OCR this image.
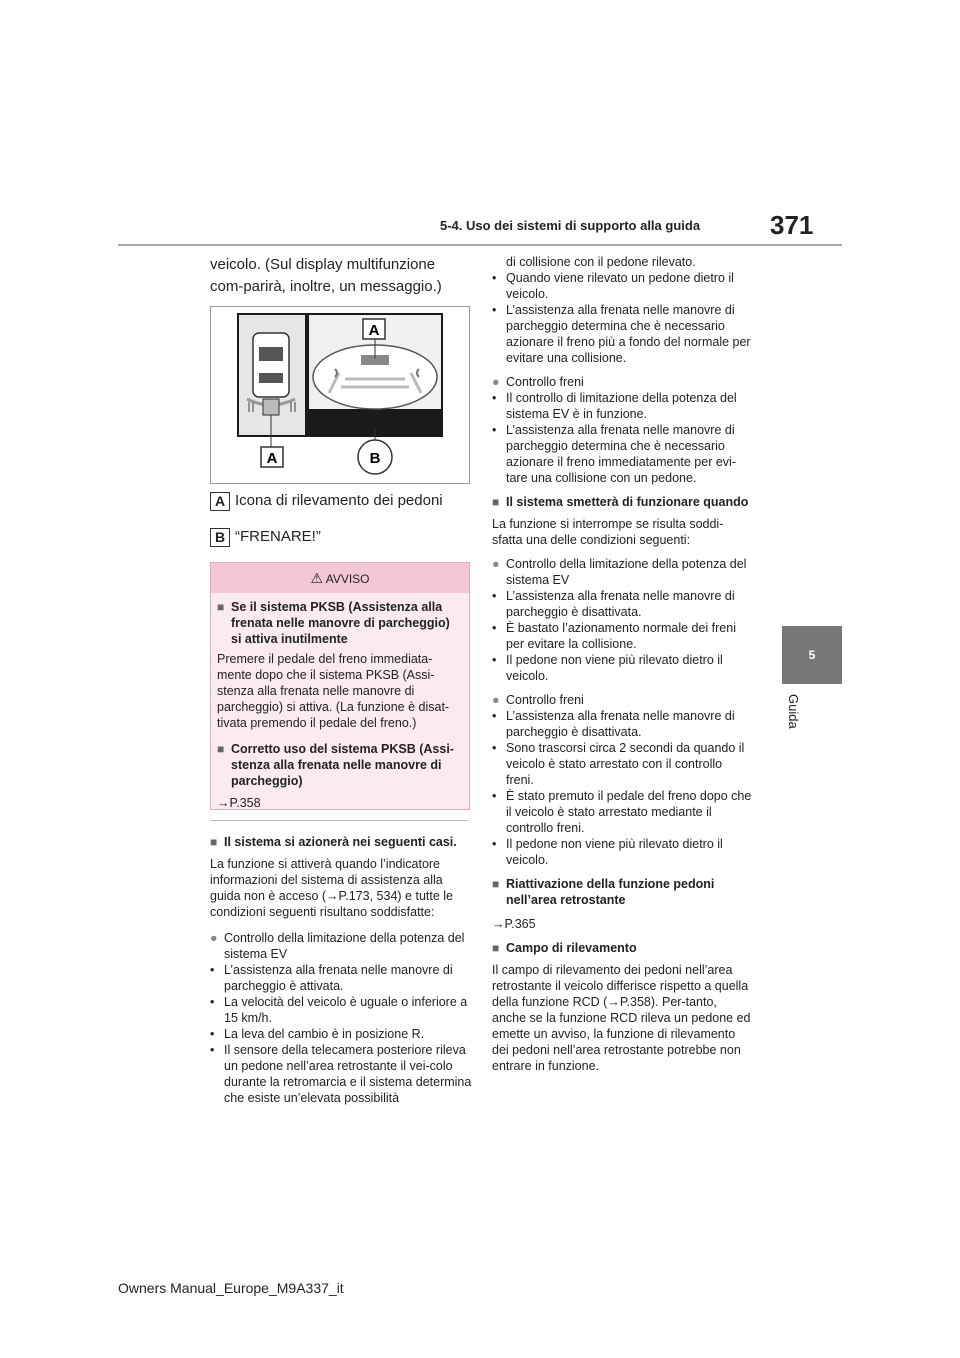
5-4. Uso dei sistemi di supporto alla guida	371
5
Guida
veicolo. (Sul display multifunzione com-parirà, inoltre, un messaggio.)
A
A	B
A Icona di rilevamento dei pedoni
B “FRENARE!”
⚠ AVVISO
■ Se il sistema PKSB (Assistenza alla frenata nelle manovre di parcheggio) si attiva inutilmente

Premere il pedale del freno immediata-mente dopo che il sistema PKSB (Assi-stenza alla frenata nelle manovre di parcheggio) si attiva. (La funzione è disat-tivata premendo il pedale del freno.)

■ Corretto uso del sistema PKSB (Assi-stenza alla frenata nelle manovre di parcheggio)

→P.358

■ Il sistema si azionerà nei seguenti casi.

La funzione si attiverà quando l’indicatore informazioni del sistema di assistenza alla guida non è acceso (→P.173, 534) e tutte le condizioni seguenti risultano soddisfatte:

● Controllo della limitazione della potenza del sistema EV
• L’assistenza alla frenata nelle manovre di parcheggio è attivata.
• La velocità del veicolo è uguale o inferiore a 15 km/h.
• La leva del cambio è in posizione R.
• Il sensore della telecamera posteriore rileva un pedone nell’area retrostante il vei-colo durante la retromarcia e il sistema determina che esiste un’elevata possibilità
di collisione con il pedone rilevato.
• Quando viene rilevato un pedone dietro il veicolo.
• L’assistenza alla frenata nelle manovre di parcheggio determina che è necessario azionare il freno più a fondo del normale per evitare una collisione.
● Controllo freni
• Il controllo di limitazione della potenza del sistema EV è in funzione.
• L’assistenza alla frenata nelle manovre di parcheggio determina che è necessario azionare il freno immediatamente per evi-tare una collisione con un pedone.
■ Il sistema smetterà di funzionare quando

La funzione si interrompe se risulta soddi-sfatta una delle condizioni seguenti:

● Controllo della limitazione della potenza del sistema EV
• L’assistenza alla frenata nelle manovre di parcheggio è disattivata.
• È bastato l’azionamento normale dei freni per evitare la collisione.
• Il pedone non viene più rilevato dietro il veicolo.
● Controllo freni
• L’assistenza alla frenata nelle manovre di parcheggio è disattivata.
• Sono trascorsi circa 2 secondi da quando il veicolo è stato arrestato con il controllo freni.
• È stato premuto il pedale del freno dopo che il veicolo è stato arrestato mediante il controllo freni.
• Il pedone non viene più rilevato dietro il veicolo.
■ Riattivazione della funzione pedoni nell’area retrostante

→P.365

■ Campo di rilevamento

Il campo di rilevamento dei pedoni nell’area retrostante il veicolo differisce rispetto a quella della funzione RCD (→P.358). Per-tanto, anche se la funzione RCD rileva un pedone ed emette un avviso, la funzione di rilevamento dei pedoni nell’area retrostante potrebbe non entrare in funzione.

Owners Manual_Europe_M9A337_it
